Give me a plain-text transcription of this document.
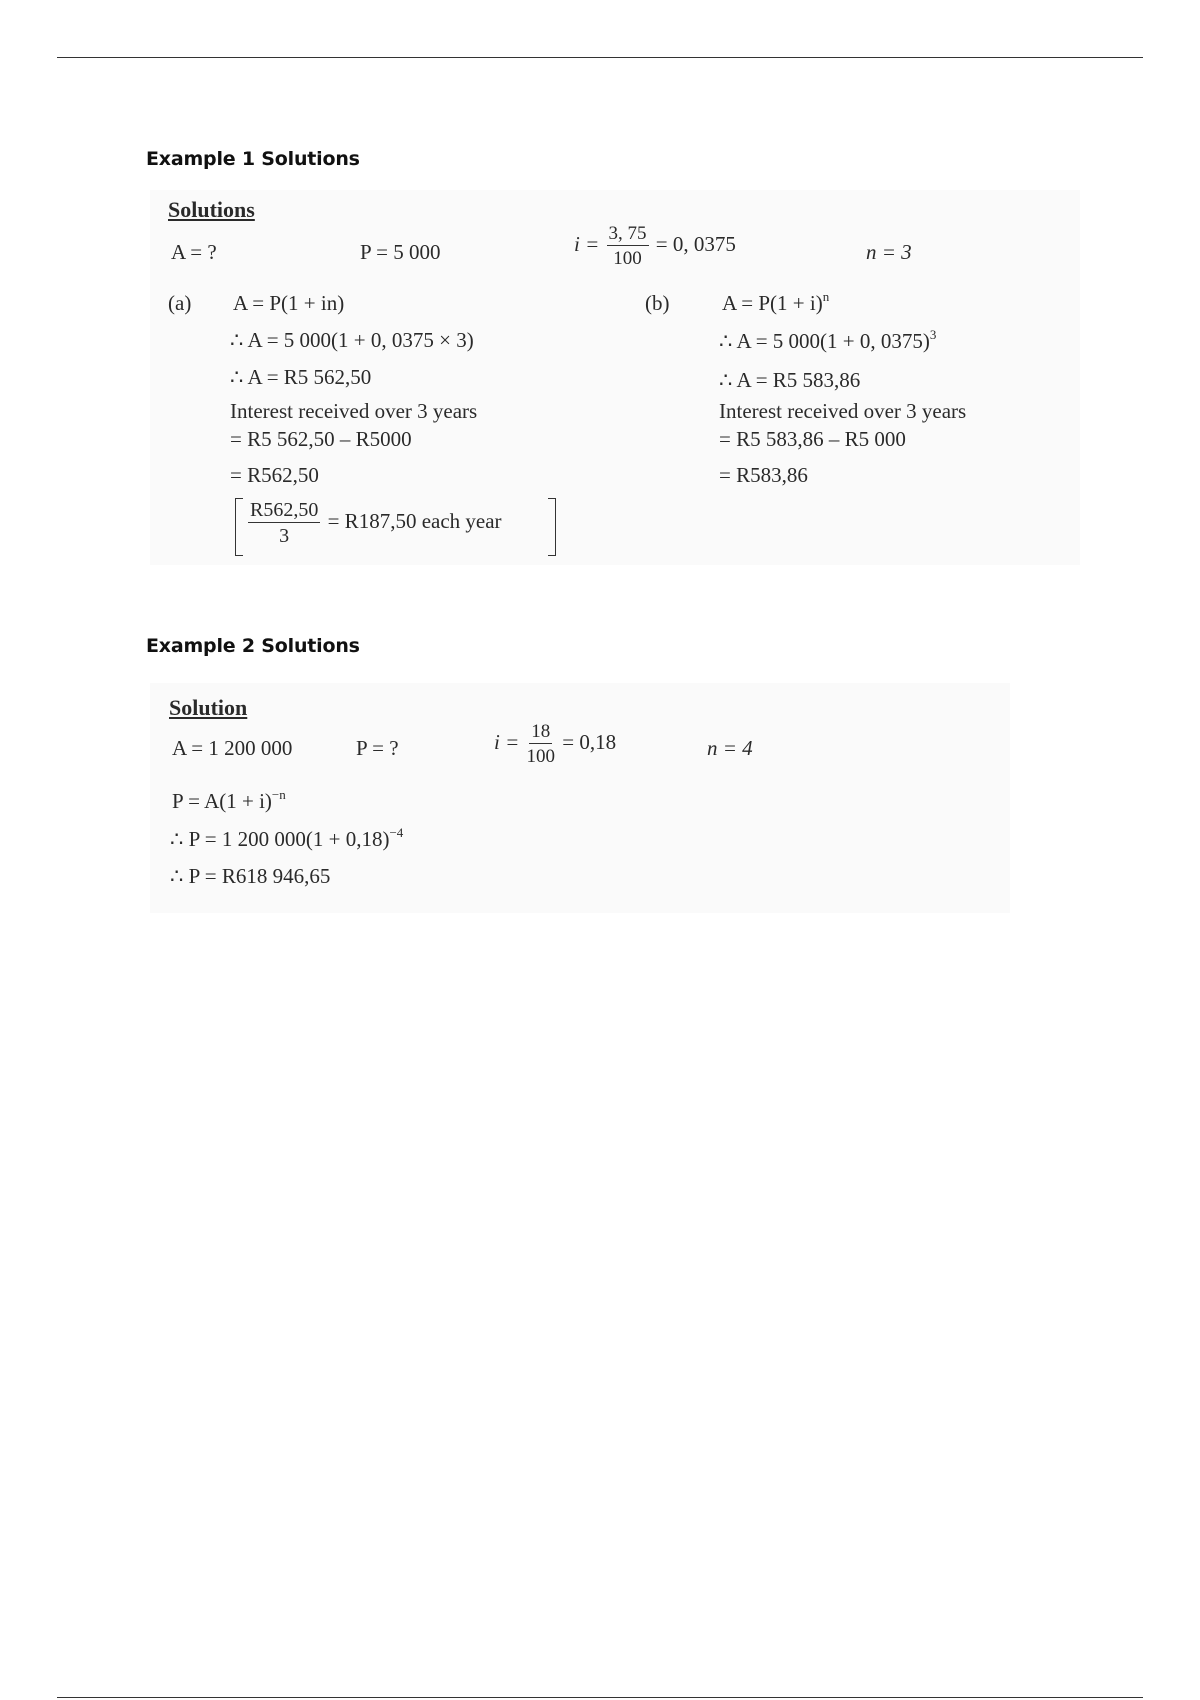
Example 1 Solutions
Solutions
A = ?	P = 5 000	$i = \frac{3, 75}{100} = 0$, 0375	n = 3
(a) A = P(1 + in)
∴ A = 5 000(1 + 0, 0375 × 3)
∴ A = R5 562,50
Interest received over 3 years
= R5 562,50 – R5000
= R562,50
$\frac{R562,50}{3} = R187,50$ each year
(b)	$A = P(1 + i)^n$
∴ A = 5 000(1 + 0, 0375)$^3$
∴ A = R5 583,86
Interest received over 3 years
= R5 583,86 – R5 000
= R583,86
Example 2 Solutions
Solution
A = 1 200 000	P = ?	$i = \frac{18}{100} = 0,18$	n = 4
$P = A(1 + i)^{-n}$
∴ P = 1 200 $000(1 + 0,18)^{-4}$
∴ P = R618 946,65
